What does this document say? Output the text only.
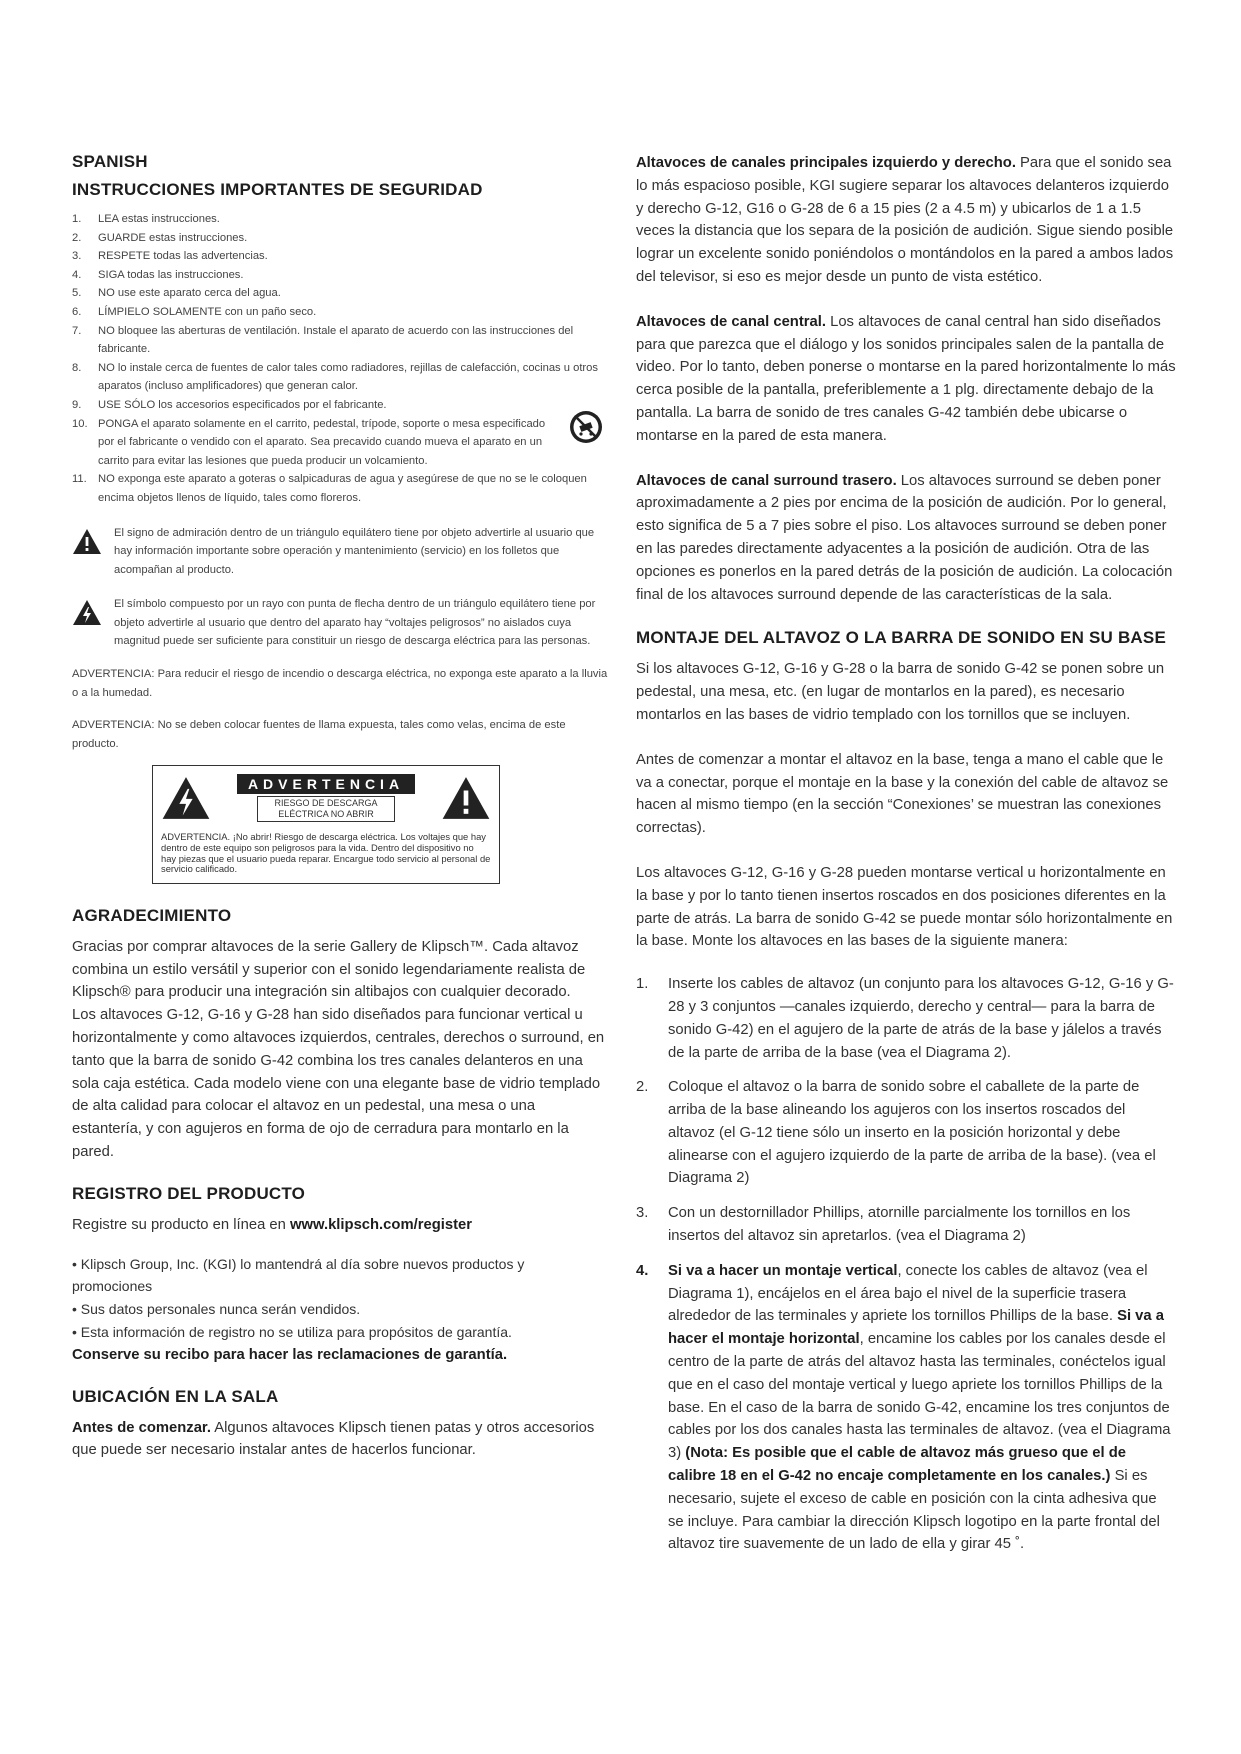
SPANISH
INSTRUCCIONES IMPORTANTES DE SEGURIDAD
1.	LEA estas instrucciones.
2.	GUARDE estas instrucciones.
3.	RESPETE todas las advertencias.
4.	SIGA todas las instrucciones.
5.	NO use este aparato cerca del agua.
6.	LÍMPIELO SOLAMENTE con un paño seco.
7.	NO bloquee las aberturas de ventilación. Instale el aparato de acuerdo con las instrucciones del fabricante.
8.	NO lo instale cerca de fuentes de calor tales como radiadores, rejillas de calefacción, cocinas u otros aparatos (incluso amplificadores) que generan calor.
9.	USE SÓLO los accesorios especificados por el fabricante.
10. PONGA el aparato solamente en el carrito, pedestal, trípode, soporte o mesa especificado por el fabricante o vendido con el aparato. Sea precavido cuando mueva el aparato en un carrito para evitar las lesiones que pueda producir un volcamiento.
11.	NO exponga este aparato a goteras o salpicaduras de agua y asegúrese de que no se le coloquen encima objetos llenos de líquido, tales como floreros.
El signo de admiración dentro de un triángulo equilátero tiene por objeto advertirle al usuario que hay información importante sobre operación y mantenimiento (servicio) en los folletos que acompañan al producto.
El símbolo compuesto por un rayo con punta de flecha dentro de un triángulo equilátero tiene por objeto advertirle al usuario que dentro del aparato hay “voltajes peligrosos” no aislados cuya magnitud puede ser suficiente para constituir un riesgo de descarga eléctrica para las personas.
ADVERTENCIA: Para reducir el riesgo de incendio o descarga eléctrica, no exponga este aparato a la lluvia o a la humedad.
ADVERTENCIA: No se deben colocar fuentes de llama expuesta, tales como velas, encima de este producto.
ADVERTENCIA
RIESGO DE DESCARGA ELÉCTRICA NO ABRIR
ADVERTENCIA. ¡No abrir! Riesgo de descarga eléctrica. Los voltajes que hay dentro de este equipo son peligrosos para la vida. Dentro del dispositivo no hay piezas que el usuario pueda reparar. Encargue todo servicio al personal de servicio calificado.
AGRADECIMIENTO

Gracias por comprar altavoces de la serie Gallery de Klipsch™. Cada altavoz combina un estilo versátil y superior con el sonido legendariamente realista de Klipsch® para producir una integración sin altibajos con cualquier decorado.

Los altavoces G-12, G-16 y G-28 han sido diseñados para funcionar vertical u horizontalmente y como altavoces izquierdos, centrales, derechos o surround, en tanto que la barra de sonido G-42 combina los tres canales delanteros en una sola caja estética. Cada modelo viene con una elegante base de vidrio templado de alta calidad para colocar el altavoz en un pedestal, una mesa o una estantería, y con agujeros en forma de ojo de cerradura para montarlo en la pared.

REGISTRO DEL PRODUCTO

Registre su producto en línea en www.klipsch.com/register

• Klipsch Group, Inc. (KGI) lo mantendrá al día sobre nuevos productos y promociones
• Sus datos personales nunca serán vendidos.
• Esta información de registro no se utiliza para propósitos de garantía.

Conserve su recibo para hacer las reclamaciones de garantía.

UBICACIÓN EN LA SALA

Antes de comenzar. Algunos altavoces Klipsch tienen patas y otros accesorios que puede ser necesario instalar antes de hacerlos funcionar.

Altavoces de canales principales izquierdo y derecho. Para que el sonido sea lo más espacioso posible, KGI sugiere separar los altavoces delanteros izquierdo y derecho G-12, G16 o G-28 de 6 a 15 pies (2 a 4.5 m) y ubicarlos de 1 a 1.5 veces la distancia que los separa de la posición de audición. Sigue siendo posible lograr un excelente sonido poniéndolos o montándolos en la pared a ambos lados del televisor, si eso es mejor desde un punto de vista estético.

Altavoces de canal central. Los altavoces de canal central han sido diseñados para que parezca que el diálogo y los sonidos principales salen de la pantalla de video. Por lo tanto, deben ponerse o montarse en la pared horizontalmente lo más cerca posible de la pantalla, preferiblemente a 1 plg. directamente debajo de la pantalla. La barra de sonido de tres canales G-42 también debe ubicarse o montarse en la pared de esta manera.

Altavoces de canal surround trasero. Los altavoces surround se deben poner aproximadamente a 2 pies por encima de la posición de audición. Por lo general, esto significa de 5 a 7 pies sobre el piso. Los altavoces surround se deben poner en las paredes directamente adyacentes a la posición de audición. Otra de las opciones es ponerlos en la pared detrás de la posición de audición. La colocación final de los altavoces surround depende de las características de la sala.

MONTAJE DEL ALTAVOZ O LA BARRA DE SONIDO EN SU BASE

Si los altavoces G-12, G-16 y G-28 o la barra de sonido G-42 se ponen sobre un pedestal, una mesa, etc. (en lugar de montarlos en la pared), es necesario montarlos en las bases de vidrio templado con los tornillos que se incluyen.

Antes de comenzar a montar el altavoz en la base, tenga a mano el cable que le va a conectar, porque el montaje en la base y la conexión del cable de altavoz se hacen al mismo tiempo (en la sección “Conexiones’ se muestran las conexiones correctas).

Los altavoces G-12, G-16 y G-28 pueden montarse vertical u horizontalmente en la base y por lo tanto tienen insertos roscados en dos posiciones diferentes en la parte de atrás. La barra de sonido G-42 se puede montar sólo horizontalmente en la base. Monte los altavoces en las bases de la siguiente manera:

1. Inserte los cables de altavoz (un conjunto para los altavoces G-12, G-16 y G-28 y 3 conjuntos —canales izquierdo, derecho y central— para la barra de sonido G-42) en el agujero de la parte de atrás de la base y jálelos a través de la parte de arriba de la base (vea el Diagrama 2).
2. Coloque el altavoz o la barra de sonido sobre el caballete de la parte de arriba de la base alineando los agujeros con los insertos roscados del altavoz (el G-12 tiene sólo un inserto en la posición horizontal y debe alinearse con el agujero izquierdo de la parte de arriba de la base). (vea el Diagrama 2)
3. Con un destornillador Phillips, atornille parcialmente los tornillos en los insertos del altavoz sin apretarlos. (vea el Diagrama 2)
4. Si va a hacer un montaje vertical, conecte los cables de altavoz (vea el Diagrama 1), encájelos en el área bajo el nivel de la superficie trasera alrededor de las terminales y apriete los tornillos Phillips de la base. Si va a hacer el montaje horizontal, encamine los cables por los canales desde el centro de la parte de atrás del altavoz hasta las terminales, conéctelos igual que en el caso del montaje vertical y luego apriete los tornillos Phillips de la base. En el caso de la barra de sonido G-42, encamine los tres conjuntos de cables por los dos canales hasta las terminales de altavoz. (vea el Diagrama 3) (Nota: Es posible que el cable de altavoz más grueso que el de calibre 18 en el G-42 no encaje completamente en los canales.) Si es necesario, sujete el exceso de cable en posición con la cinta adhesiva que se incluye. Para cambiar la dirección Klipsch logotipo en la parte frontal del altavoz tire suavemente de un lado de ella y girar 45 ˚.
